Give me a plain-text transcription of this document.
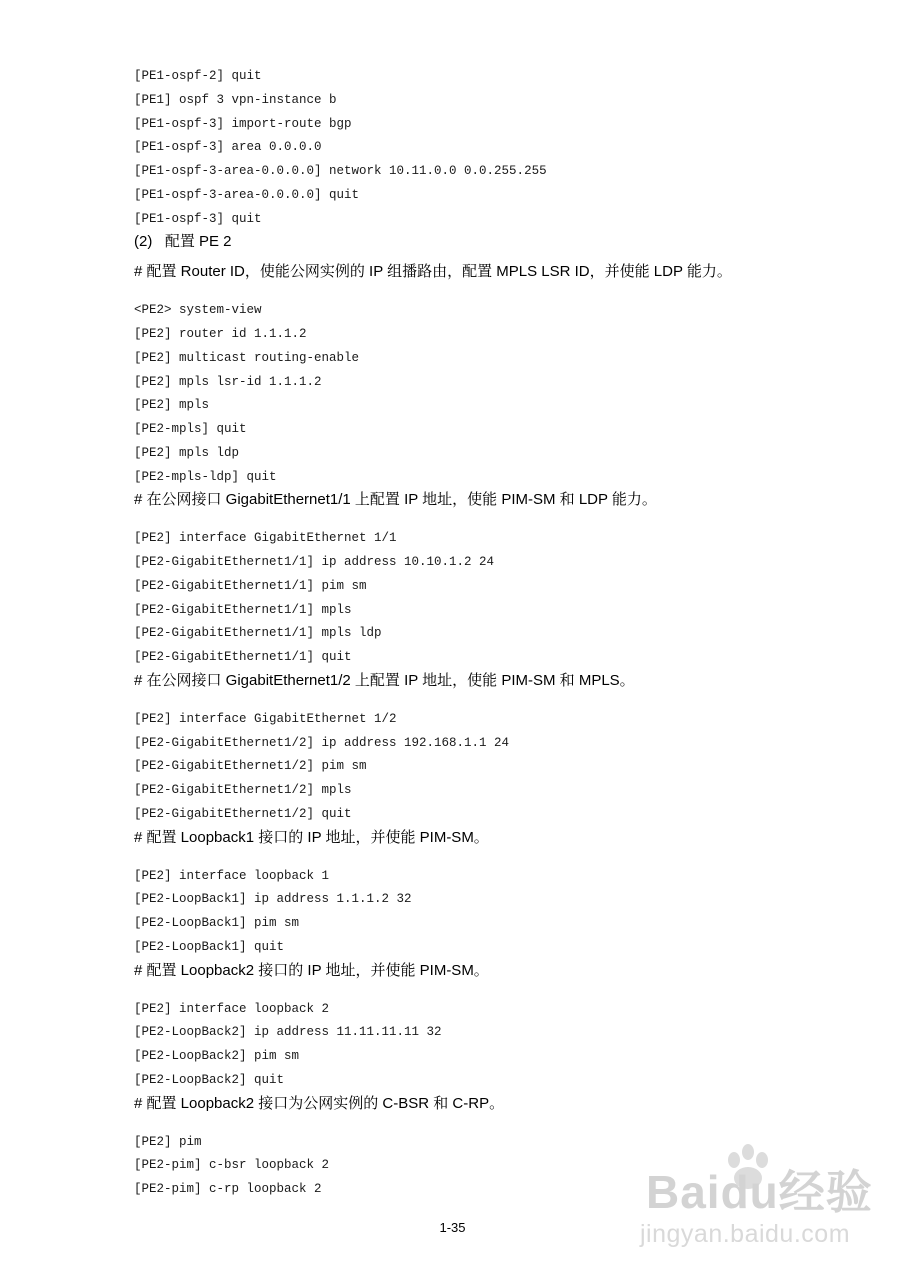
[PE1-ospf-2] quit
[PE1] ospf 3 vpn-instance b
[PE1-ospf-3] import-route bgp
[PE1-ospf-3] area 0.0.0.0
[PE1-ospf-3-area-0.0.0.0] network 10.11.0.0 0.0.255.255
[PE1-ospf-3-area-0.0.0.0] quit
[PE1-ospf-3] quit
(2)   配置 PE 2
# 配置 Router ID，使能公网实例的 IP 组播路由，配置 MPLS LSR ID，并使能 LDP 能力。
<PE2> system-view
[PE2] router id 1.1.1.2
[PE2] multicast routing-enable
[PE2] mpls lsr-id 1.1.1.2
[PE2] mpls
[PE2-mpls] quit
[PE2] mpls ldp
[PE2-mpls-ldp] quit
# 在公网接口 GigabitEthernet1/1 上配置 IP 地址，使能 PIM-SM 和 LDP 能力。
[PE2] interface GigabitEthernet 1/1
[PE2-GigabitEthernet1/1] ip address 10.10.1.2 24
[PE2-GigabitEthernet1/1] pim sm
[PE2-GigabitEthernet1/1] mpls
[PE2-GigabitEthernet1/1] mpls ldp
[PE2-GigabitEthernet1/1] quit
# 在公网接口 GigabitEthernet1/2 上配置 IP 地址，使能 PIM-SM 和 MPLS。
[PE2] interface GigabitEthernet 1/2
[PE2-GigabitEthernet1/2] ip address 192.168.1.1 24
[PE2-GigabitEthernet1/2] pim sm
[PE2-GigabitEthernet1/2] mpls
[PE2-GigabitEthernet1/2] quit
# 配置 Loopback1 接口的 IP 地址，并使能 PIM-SM。
[PE2] interface loopback 1
[PE2-LoopBack1] ip address 1.1.1.2 32
[PE2-LoopBack1] pim sm
[PE2-LoopBack1] quit
# 配置 Loopback2 接口的 IP 地址，并使能 PIM-SM。
[PE2] interface loopback 2
[PE2-LoopBack2] ip address 11.11.11.11 32
[PE2-LoopBack2] pim sm
[PE2-LoopBack2] quit
# 配置 Loopback2 接口为公网实例的 C-BSR 和 C-RP。
[PE2] pim
[PE2-pim] c-bsr loopback 2
[PE2-pim] c-rp loopback 2
1-35
Baidu经验
jingyan.baidu.com
